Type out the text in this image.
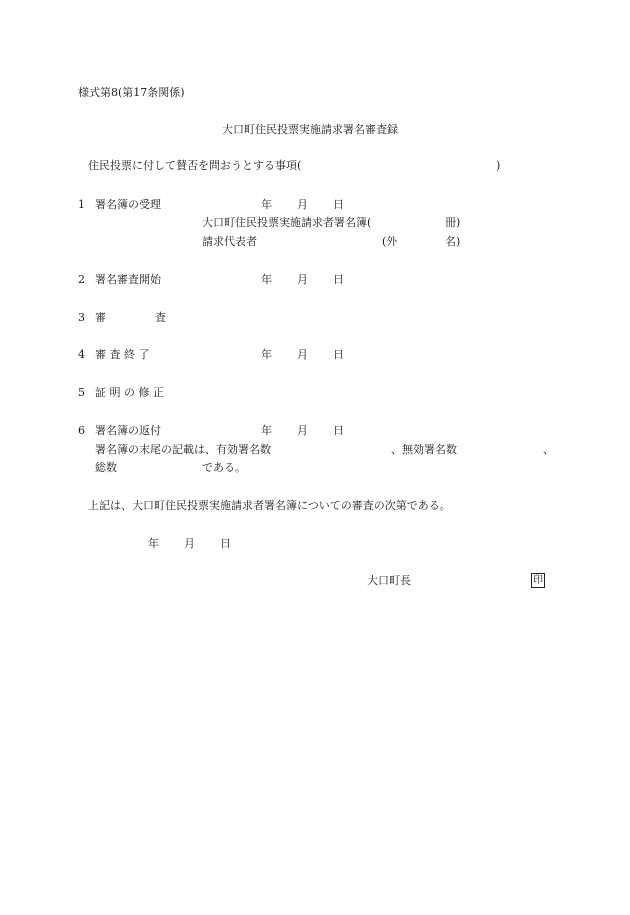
様式第8(第17条関係)
大口町住民投票実施請求署名審査録
住民投票に付して賛否を問おうとする事項(	)
1 署名簿の受理	年 月 日
大口町住民投票実施請求者署名簿(	冊)
請求代表者	(外	名)
2 署名審査開始	年 月 日
3 審	査
4 審 査 終 了	年 月 日
5 証 明 の 修 正
6 署名簿の返付	年 月 日
署名簿の末尾の記載は、有効署名数	、無効署名数	、
総数	である。
上記は、大口町住民投票実施請求者署名簿についての審査の次第である。
年 月 日
大口町長	印
